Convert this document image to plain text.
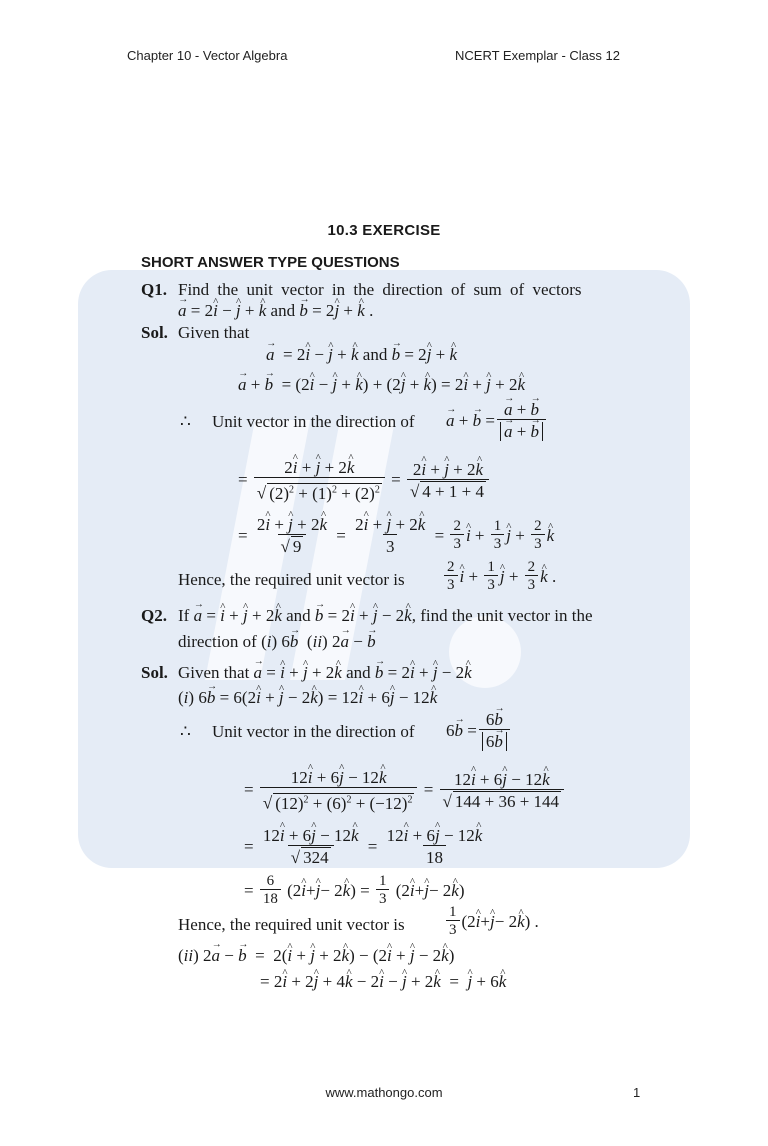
Chapter 10 - Vector Algebra	NCERT Exemplar - Class 12
10.3 EXERCISE
SHORT ANSWER TYPE QUESTIONS
Q1. Find the unit vector in the direction of sum of vectors
→ a = 2^ i − ^ j + ^ k and → b = 2^ j + ^ k .
Sol. Given that
→ a  = 2^ i − ^ j + ^ k and → b = 2^ j + ^ k
→ a + → b  = (2^ i − ^ j + ^ k) + (2^ j + ^ k) = 2^ i + ^ j + 2^ k
∴ Unit vector in the direction of
→ a +
→ b =
→ a + → b
→ a + → b
= $\frac{2\^{} i + \^{} j + 2\^{} k}{√ (2)^2 + (1)^2 + (2)^2} = \frac{2\^{} i + \^{} j + 2\^{} k}{√ 4 + 1 + 4}$
= $\frac{2\^{} i + \^{} j + 2\^{} k}{√ 9} = \frac{2\^{} i + \^{} j + 2\^{} k}{3} = \frac{2}{3}$
^ $i + \frac{1}{3}$
^ $j + \frac{2}{3}$
^ k
Hence, the required unit vector is	$\frac{2}{3}$
^ $i + \frac{1}{3}$
^ $j + \frac{2}{3}$
^ k .
Q2. If → a = ^ i + ^ j + 2^ k and → b = 2^ i + ^ j − 2^ k, find the unit vector in the
direction of (i) 6→ b  (ii) 2→ a − → b
Sol. Given that → a = ^ i + ^ j + 2^ k and → b = 2^ i + ^ j − 2^ k
(i) 6→ b = 6(2^ i + ^ j − 2^ k) = 12^ i + 6^ j − 12^ k
∴ Unit vector in the direction of 6
→ $b = \frac{6\to b}{6\to b}$
= $\frac{12\^{} i + 6\^{} j - 12\^{} k}{√ (12)^2 + (6)^2 + (-12)^2} = \frac{12\^{} i + 6\^{} j - 12\^{} k}{√ 144 + 36 + 144}$
= $\frac{12\^{} i + 6\^{} j - 12\^{} k}{√ 324} = \frac{12\^{} i + 6\^{} j - 12\^{} k}{18}$
= $\frac{6}{18} (2$
^ i +
^ j − 2
^ k ) = $\frac{1}{3} (2$
^ i +
^ j − 2
^ k )
Hence, the required unit vector is	$\frac{1}{3} (2$
^ i +
^ j − 2
^ k ) .
(ii) 2→ a − → b  =  2(^ i + ^ j + 2^ k) − (2^ i + ^ j − 2^ k)
= 2^ i + 2^ j + 4^ k − 2^ i − ^ j + 2^ k  =  ^ j + 6^ k
www.mathongo.com	1
